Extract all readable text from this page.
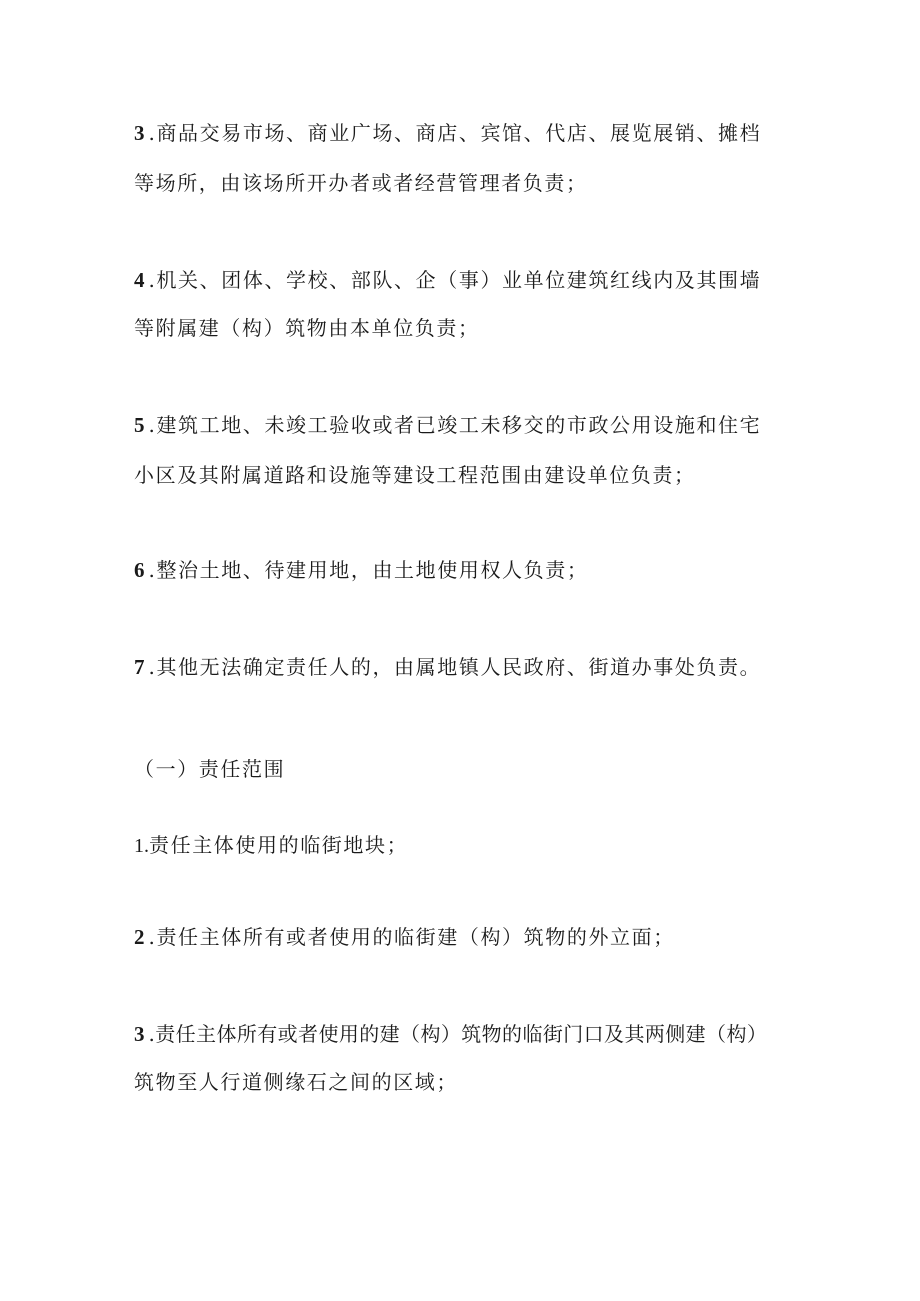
3 .商品交易市场、商业广场、商店、宾馆、代店、展览展销、摊档
等场所，由该场所开办者或者经营管理者负责；
4 .机关、团体、学校、部队、企（事）业单位建筑红线内及其围墙
等附属建（构）筑物由本单位负责；
5 .建筑工地、未竣工验收或者已竣工未移交的市政公用设施和住宅
小区及其附属道路和设施等建设工程范围由建设单位负责；
6 .整治土地、待建用地，由土地使用权人负责；
7 .其他无法确定责任人的，由属地镇人民政府、街道办事处负责。
（一）责任范围
1.责任主体使用的临街地块；
2 .责任主体所有或者使用的临街建（构）筑物的外立面；
3 .责任主体所有或者使用的建（构）筑物的临街门口及其两侧建（构）
筑物至人行道侧缘石之间的区域；
